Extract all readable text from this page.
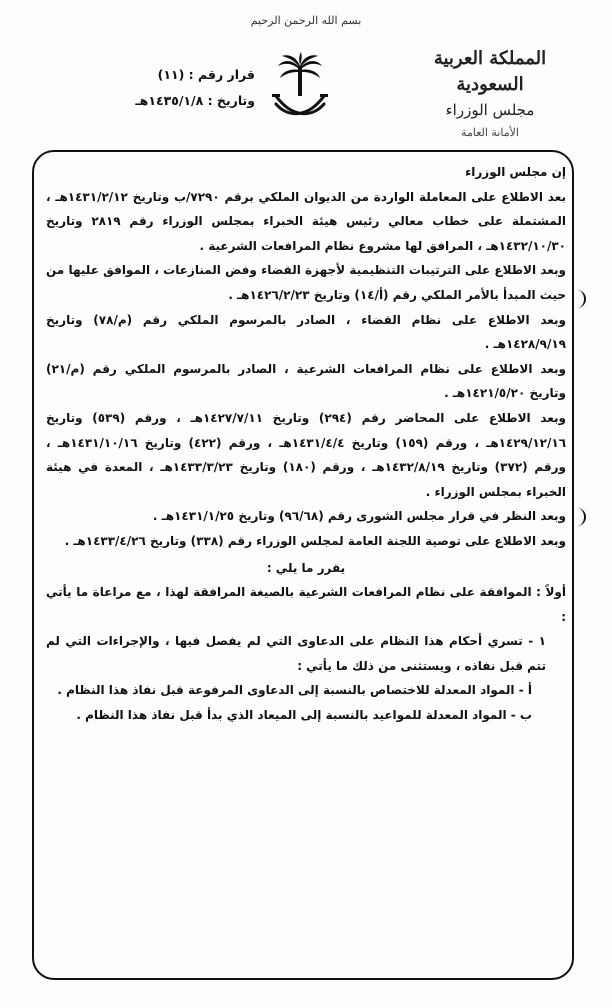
بسم الله الرحمن الرحيم
قرار رقم : (١١)
وتاريخ : ١٤٣٥/١/٨هـ
المملكة العربية السعودية
مجلس الوزراء
الأمانة العامة

إن مجلس الوزراء

بعد الاطلاع على المعاملة الواردة من الديوان الملكي برقم ٧٢٩٠/ب وتاريخ ١٤٣١/٢/١٢هـ ، المشتملة على خطاب معالي رئيس هيئة الخبراء بمجلس الوزراء رقم ٢٨١٩ وتاريخ ١٤٣٢/١٠/٣٠هـ ، المرافق لها مشروع نظام المرافعات الشرعية .

وبعد الاطلاع على الترتيبات التنظيمية لأجهزة القضاء وفض المنازعات ، الموافق عليها من حيث المبدأ بالأمر الملكي رقم (أ/١٤) وتاريخ ١٤٢٦/٢/٢٣هـ .

وبعد الاطلاع على نظام القضاء ، الصادر بالمرسوم الملكي رقم (م/٧٨) وتاريخ ١٤٢٨/٩/١٩هـ .

وبعد الاطلاع على نظام المرافعات الشرعية ، الصادر بالمرسوم الملكي رقم (م/٢١) وتاريخ ١٤٢١/٥/٢٠هـ .

وبعد الاطلاع على المحاضر رقم (٢٩٤) وتاريخ ١٤٢٧/٧/١١هـ ، ورقم (٥٣٩) وتاريخ ١٤٢٩/١٢/١٦هـ ، ورقم (١٥٩) وتاريخ ١٤٣١/٤/٤هـ ، ورقم (٤٢٢) وتاريخ ١٤٣١/١٠/١٦هـ ، ورقم (٣٧٢) وتاريخ ١٤٣٢/٨/١٩هـ ، ورقم (١٨٠) وتاريخ ١٤٣٣/٣/٢٣هـ ، المعدة في هيئة الخبراء بمجلس الوزراء .

وبعد النظر في قرار مجلس الشورى رقم (٩٦/٦٨) وتاريخ ١٤٣١/١/٢٥هـ .

وبعد الاطلاع على توصية اللجنة العامة لمجلس الوزراء رقم (٣٣٨) وتاريخ ١٤٣٣/٤/٢٦هـ .

يقرر ما يلي :

أولاً : الموافقة على نظام المرافعات الشرعية بالصيغة المرافقة لهذا ، مع مراعاة ما يأتي :

١ - تسري أحكام هذا النظام على الدعاوى التي لم يفصل فيها ، والإجراءات التي لم تتم قبل نفاذه ، ويستثنى من ذلك ما يأتي :

أ - المواد المعدلة للاختصاص بالنسبة إلى الدعاوى المرفوعة قبل نفاذ هذا النظام .

ب - المواد المعدلة للمواعيد بالنسبة إلى الميعاد الذي بدأ قبل نفاذ هذا النظام .
